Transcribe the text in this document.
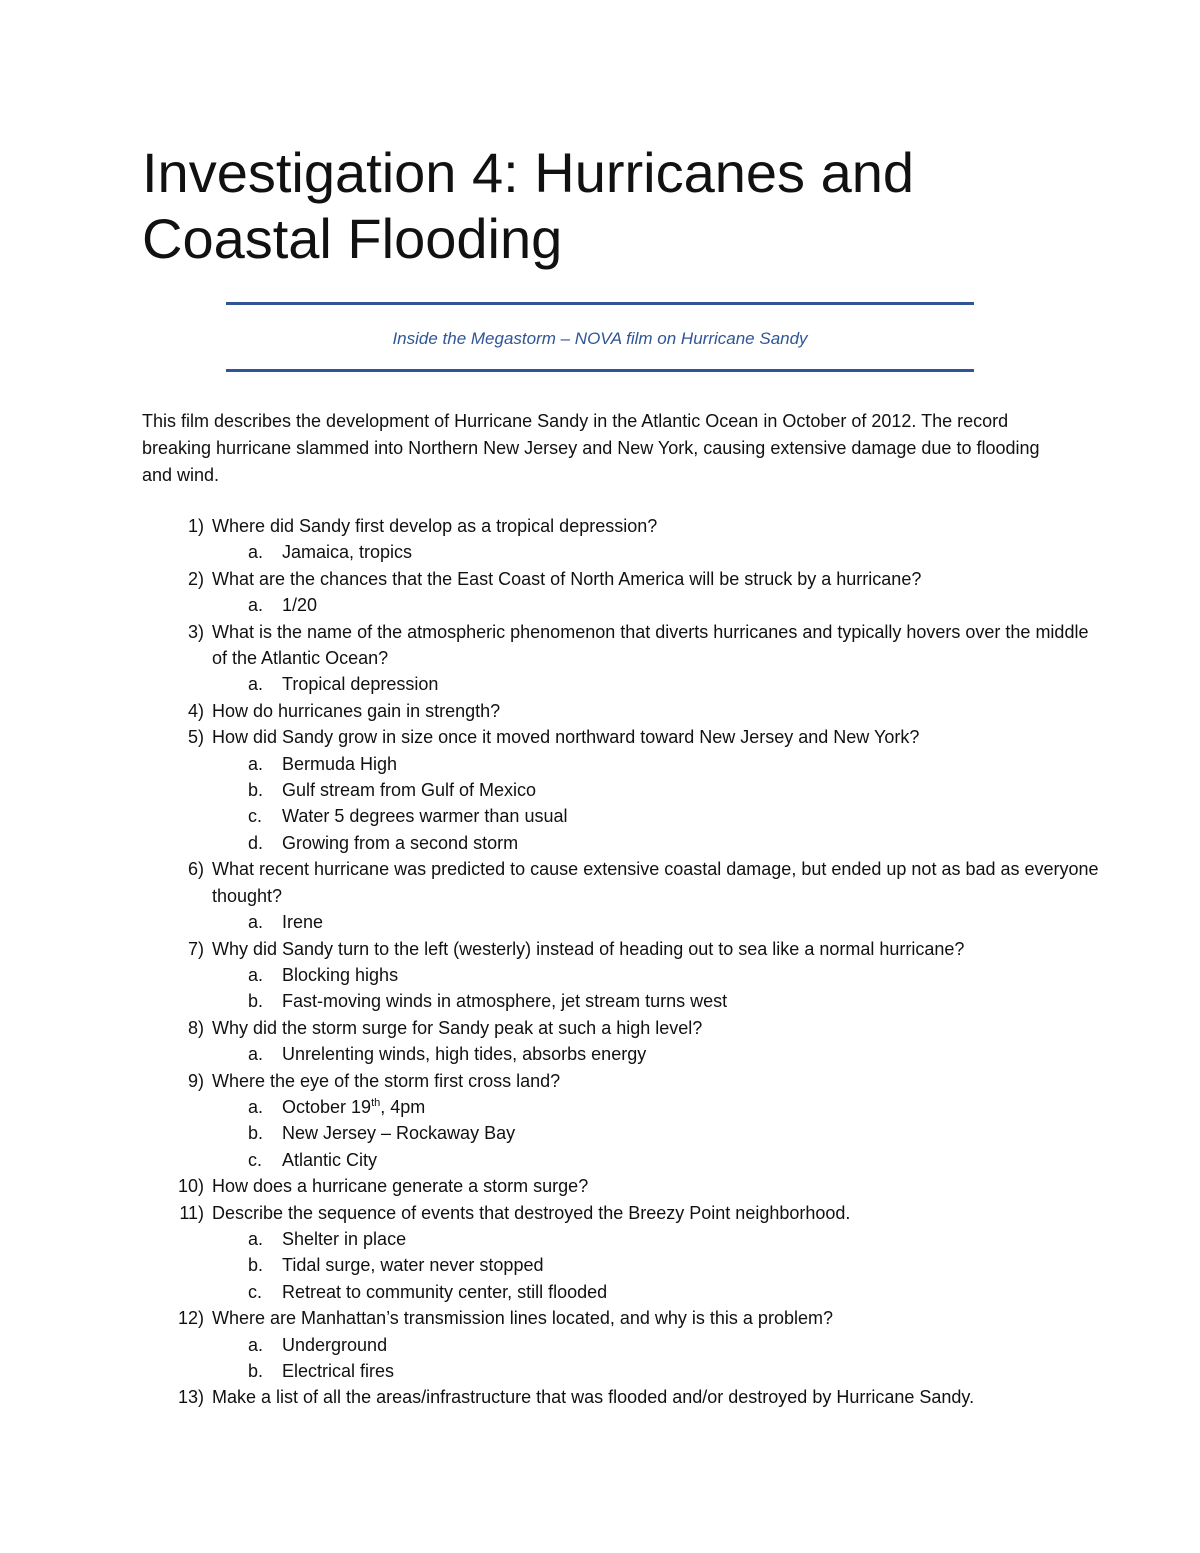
Investigation 4: Hurricanes and Coastal Flooding
Inside the Megastorm – NOVA film on Hurricane Sandy

This film describes the development of Hurricane Sandy in the Atlantic Ocean in October of 2012. The record breaking hurricane slammed into Northern New Jersey and New York, causing extensive damage due to flooding and wind.

1) Where did Sandy first develop as a tropical depression?
a. Jamaica, tropics
2) What are the chances that the East Coast of North America will be struck by a hurricane?
a. 1/20
3) What is the name of the atmospheric phenomenon that diverts hurricanes and typically hovers over the middle of the Atlantic Ocean?
a. Tropical depression
4) How do hurricanes gain in strength?
5) How did Sandy grow in size once it moved northward toward New Jersey and New York?
a. Bermuda High
b. Gulf stream from Gulf of Mexico
c. Water 5 degrees warmer than usual
d. Growing from a second storm
6) What recent hurricane was predicted to cause extensive coastal damage, but ended up not as bad as everyone thought?
a. Irene
7) Why did Sandy turn to the left (westerly) instead of heading out to sea like a normal hurricane?
a. Blocking highs
b. Fast-moving winds in atmosphere, jet stream turns west
8) Why did the storm surge for Sandy peak at such a high level?
a. Unrelenting winds, high tides, absorbs energy
9) Where the eye of the storm first cross land?
a. October 19th, 4pm
b. New Jersey – Rockaway Bay
c. Atlantic City
10) How does a hurricane generate a storm surge?
11) Describe the sequence of events that destroyed the Breezy Point neighborhood.
a. Shelter in place
b. Tidal surge, water never stopped
c. Retreat to community center, still flooded
12) Where are Manhattan’s transmission lines located, and why is this a problem?
a. Underground
b. Electrical fires
13) Make a list of all the areas/infrastructure that was flooded and/or destroyed by Hurricane Sandy.
